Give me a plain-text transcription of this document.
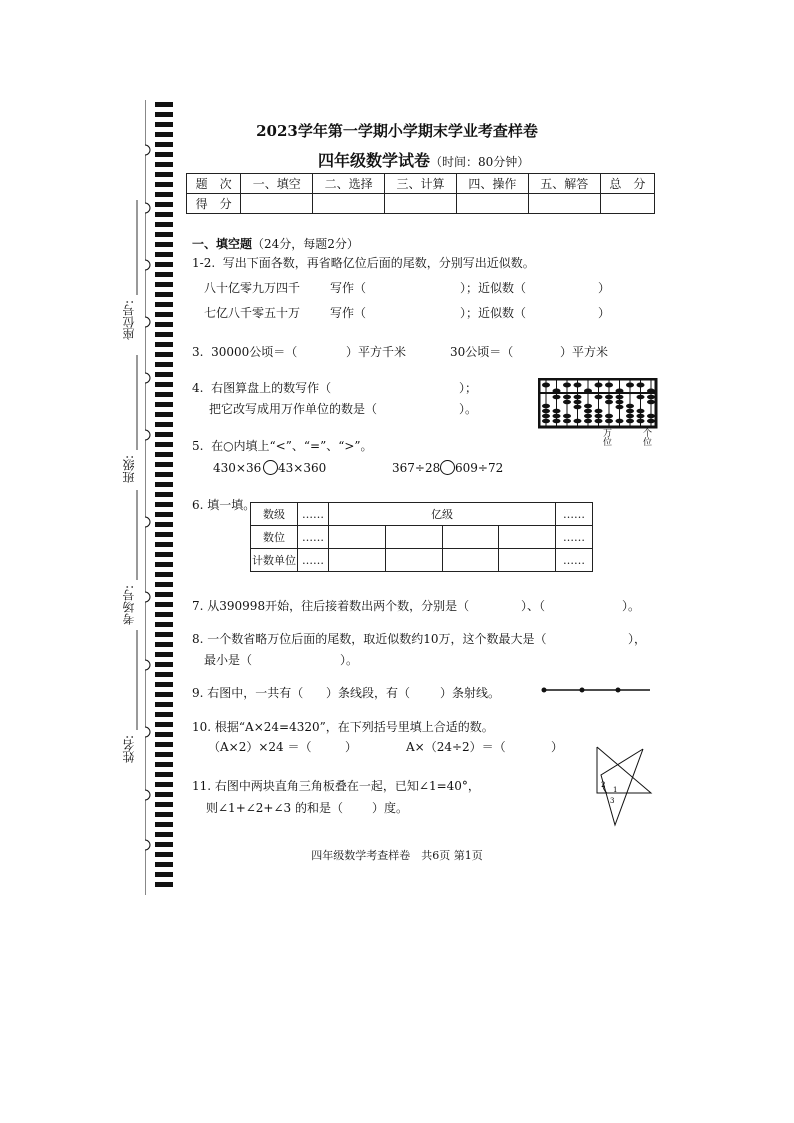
座位号:
班级:
考场号:
姓名:
2023学年第一学期小学期末学业考查样卷
四年级数学试卷（时间：80分钟）
题　次	一、填空	二、选择	三、计算	四、操作	五、解答	总　分
得　分						
一、填空题（24分，每题2分）
1-2.  写出下面各数，再省略亿位后面的尾数，分别写出近似数。
八十亿零九万四千 写作（	）；近似数（	）
七亿八千零五十万 写作（	）；近似数（	）
3.  30000公顷＝（	）平方千米	30公顷＝（	）平方米
4.  右图算盘上的数写作（	）；
把它改写成用万作单位的数是（	）。
万 位
个 位
5.  在○内填上“<”、“=”、“>”。
430×36 43×360	367÷28 609÷72
6. 填一填。
数级	……	亿级				……
数位	……					……
计数单位	……					……
7. 从390998开始，往后接着数出两个数，分别是（	）、（	）。
8. 一个数省略万位后面的尾数，取近似数约10万，这个数最大是（	），
最小是（	）。
9. 右图中，一共有（ ）条线段，有（ ）条射线。
10. 根据“A×24=4320”，在下列括号里填上合适的数。
（A×2）×24 ＝（	）	A×（24÷2）＝（	）
11. 右图中两块直角三角板叠在一起，已知∠1=40°，
则∠1+∠2+∠3 的和是（ ）度。
1
2
3
四年级数学考查样卷　共6页 第1页
